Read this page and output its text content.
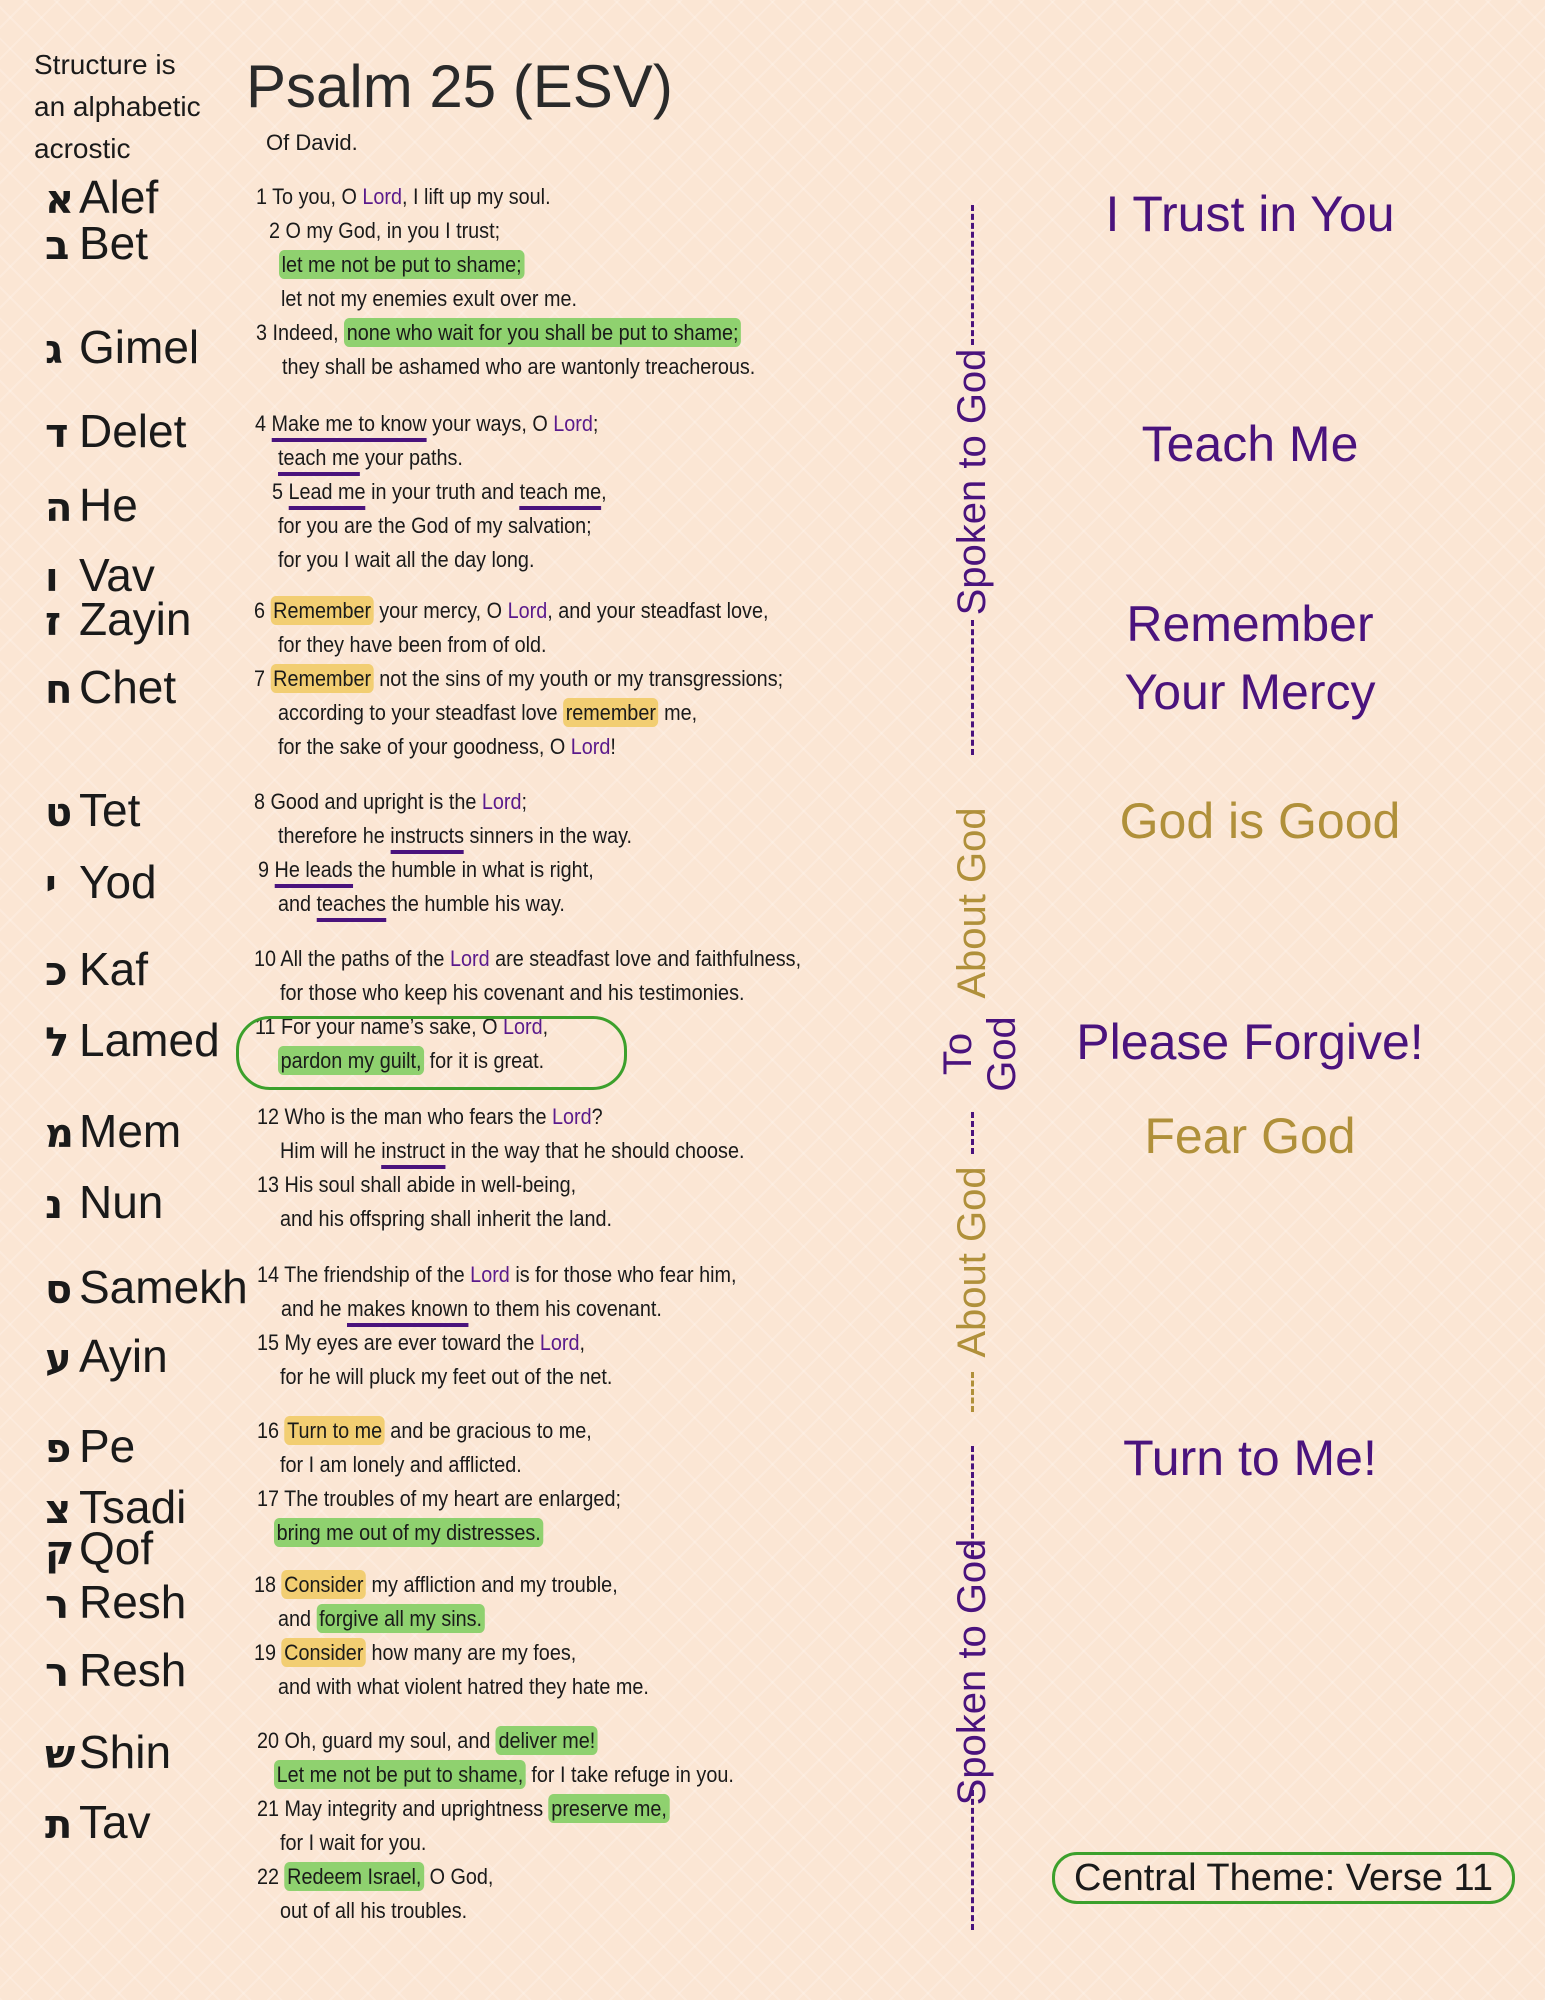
Structure is
an alphabetic
acrostic
Psalm 25 (ESV)
Of David.
א Alef
ב Bet
ג Gimel
ד Delet
ה He
ו Vav
ז Zayin
ח Chet
ט Tet
י Yod
כ Kaf
ל Lamed
מ Mem
נ Nun
ס Samekh
ע Ayin
פ Pe
צ Tsadi
קQof
ר Resh
ר Resh
שShin
ת Tav
1 To you, O Lord, I lift up my soul.
2 O my God, in you I trust;
let me not be put to shame;
let not my enemies exult over me.
3 Indeed, none who wait for you shall be put to shame;
they shall be ashamed who are wantonly treacherous.
4 Make me to know your ways, O Lord;
teach me your paths.
5 Lead me in your truth and teach me,
for you are the God of my salvation;
for you I wait all the day long.
6 Remember your mercy, O Lord, and your steadfast love,
for they have been from of old.
7 Remember not the sins of my youth or my transgressions;
according to your steadfast love remember me,
for the sake of your goodness, O Lord!
8 Good and upright is the Lord;
therefore he instructs sinners in the way.
9 He leads the humble in what is right,
and teaches the humble his way.
10 All the paths of the Lord are steadfast love and faithfulness,
for those who keep his covenant and his testimonies.
11 For your name’s sake, O Lord,
pardon my guilt, for it is great.
12 Who is the man who fears the Lord?
Him will he instruct in the way that he should choose.
13 His soul shall abide in well-being,
and his offspring shall inherit the land.
14 The friendship of the Lord is for those who fear him,
and he makes known to them his covenant.
15 My eyes are ever toward the Lord,
for he will pluck my feet out of the net.
16 Turn to me and be gracious to me,
for I am lonely and afflicted.
17 The troubles of my heart are enlarged;
bring me out of my distresses.
18 Consider my affliction and my trouble,
and forgive all my sins.
19 Consider how many are my foes,
and with what violent hatred they hate me.
20 Oh, guard my soul, and deliver me!
Let me not be put to shame, for I take refuge in you.
21 May integrity and uprightness preserve me,
for I wait for you.
22 Redeem Israel, O God,
out of all his troubles.
Spoken to God
About God
To God
About God
Spoken to God
I Trust in You
Teach Me
Remember
Your Mercy
God is Good
Please Forgive!
Fear God
Turn to Me!
Central Theme: Verse 11
